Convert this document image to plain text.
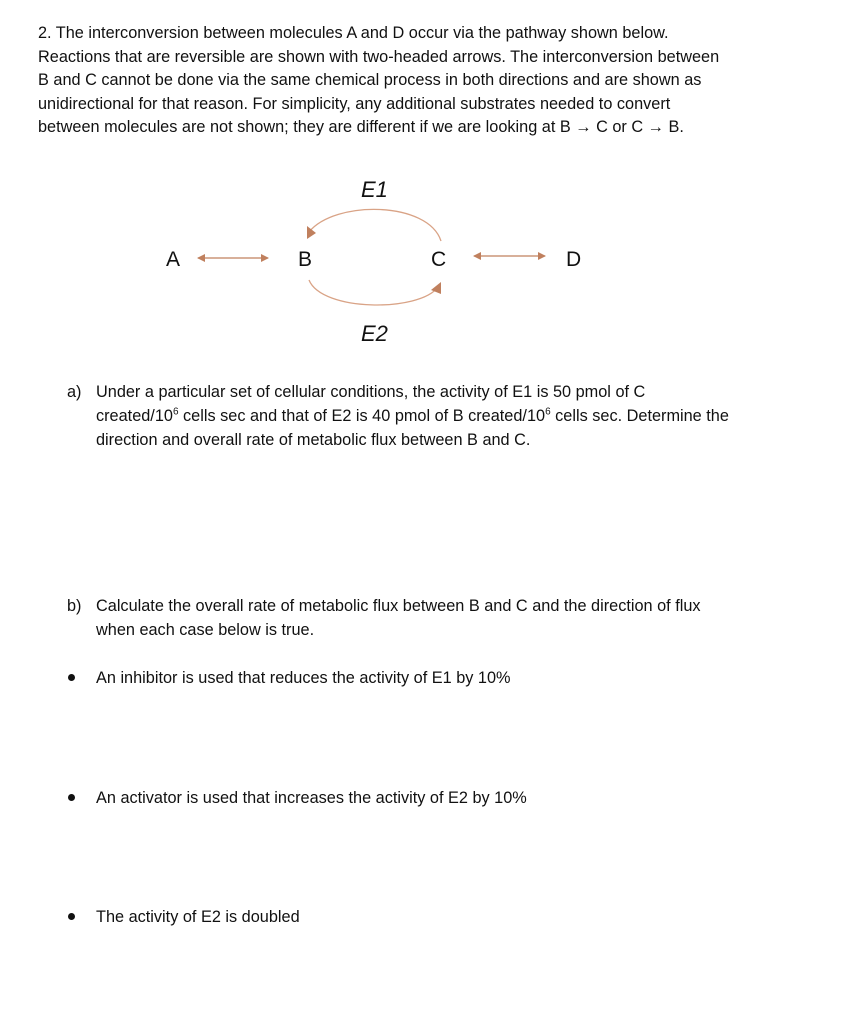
2. The interconversion between molecules A and D occur via the pathway shown below.
Reactions that are reversible are shown with two-headed arrows. The interconversion between
B and C cannot be done via the same chemical process in both directions and are shown as
unidirectional for that reason. For simplicity, any additional substrates needed to convert
between molecules are not shown; they are different if we are looking at B → C or C → B.
E1
A	B	C	D
E2
a) Under a particular set of cellular conditions, the activity of E1 is 50 pmol of C
created/$10^6$ cells sec and that of E2 is 40 pmol of B created/$10^6$ cells sec. Determine the
direction and overall rate of metabolic flux between B and C.
b) Calculate the overall rate of metabolic flux between B and C and the direction of flux
when each case below is true.
An inhibitor is used that reduces the activity of E1 by 10%
An activator is used that increases the activity of E2 by 10%
The activity of E2 is doubled
